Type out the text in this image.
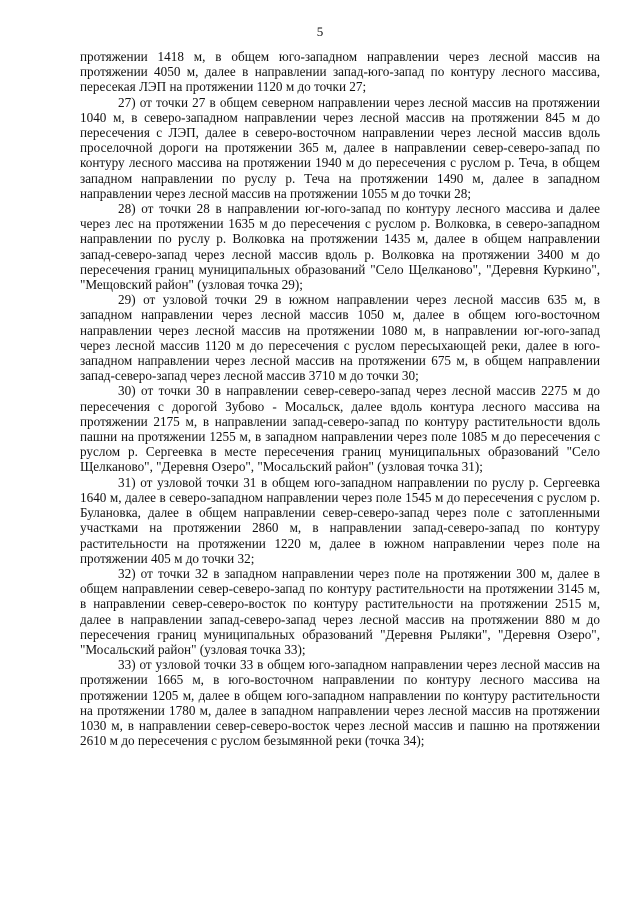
5

протяжении 1418 м, в общем юго-западном направлении через лесной массив на протяжении 4050 м, далее в направлении запад-юго-запад по контуру лесного массива, пересекая ЛЭП на протяжении 1120 м до точки 27;

27) от точки 27 в общем северном направлении через лесной массив на протяжении 1040 м, в северо-западном направлении через лесной массив на протяжении 845 м до пересечения с ЛЭП, далее в северо-восточном направлении через лесной массив вдоль проселочной дороги на протяжении 365 м, далее в направлении север-северо-запад по контуру лесного массива на протяжении 1940 м до пересечения с руслом р. Теча, в общем западном направлении по руслу р. Теча на протяжении 1490 м, далее в западном направлении через лесной массив на протяжении 1055 м до точки 28;

28) от точки 28 в направлении юг-юго-запад по контуру лесного массива и далее через лес на протяжении 1635 м до пересечения с руслом р. Волковка, в северо-западном направлении по руслу р. Волковка на протяжении 1435 м, далее в общем направлении запад-северо-запад через лесной массив вдоль р. Волковка на протяжении 3400 м до пересечения границ муниципальных образований "Село Щелканово", "Деревня Куркино", "Мещовский район" (узловая точка 29);

29) от узловой точки 29 в южном направлении через лесной массив 635 м, в западном направлении через лесной массив 1050 м, далее в общем юго-восточном направлении через лесной массив на протяжении 1080 м, в направлении юг-юго-запад через лесной массив 1120 м до пересечения с руслом пересыхающей реки, далее в юго-западном направлении через лесной массив на протяжении 675 м, в общем направлении запад-северо-запад через лесной массив 3710 м до точки 30;

30) от точки 30 в направлении север-северо-запад через лесной массив 2275 м до пересечения с дорогой Зубово - Мосальск, далее вдоль контура лесного массива на протяжении 2175 м, в направлении запад-северо-запад по контуру растительности вдоль пашни на протяжении 1255 м, в западном направлении через поле 1085 м до пересечения с руслом р. Сергеевка в месте пересечения границ муниципальных образований "Село Щелканово", "Деревня Озеро", "Мосальский район" (узловая точка 31);

31) от узловой точки 31 в общем юго-западном направлении по руслу р. Сергеевка 1640 м, далее в северо-западном направлении через поле 1545 м до пересечения с руслом р. Булановка, далее в общем направлении север-северо-запад через поле с затопленными участками на протяжении 2860 м, в направлении запад-северо-запад по контуру растительности на протяжении 1220 м, далее в южном направлении через поле на протяжении 405 м до точки 32;

32) от точки 32 в западном направлении через поле на протяжении 300 м, далее в общем направлении север-северо-запад по контуру растительности на протяжении 3145 м, в направлении север-северо-восток по контуру растительности на протяжении 2515 м, далее в направлении запад-северо-запад через лесной массив на протяжении 880 м до пересечения границ муниципальных образований "Деревня Рыляки", "Деревня Озеро", "Мосальский район" (узловая точка 33);

33) от узловой точки 33 в общем юго-западном направлении через лесной массив на протяжении 1665 м, в юго-восточном направлении по контуру лесного массива на протяжении 1205 м, далее в общем юго-западном направлении по контуру растительности на протяжении 1780 м, далее в западном направлении через лесной массив на протяжении 1030 м, в направлении север-северо-восток через лесной массив и пашню на протяжении 2610 м до пересечения с руслом безымянной реки (точка 34);
